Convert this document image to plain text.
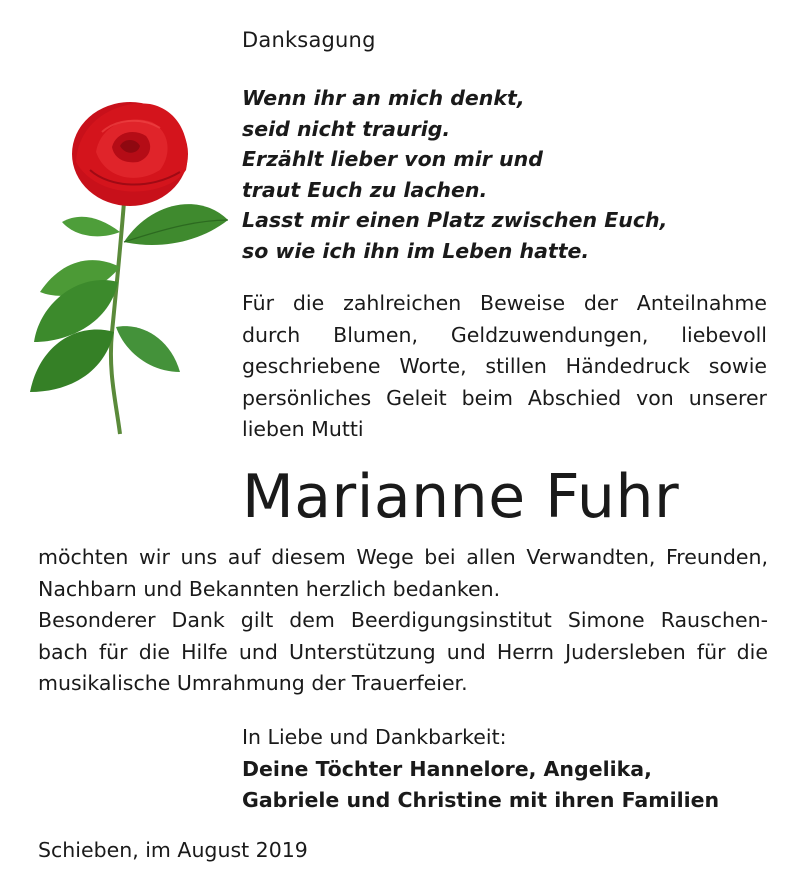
Danksagung
Wenn ihr an mich denkt,
seid nicht traurig.
Erzählt lieber von mir und
traut Euch zu lachen.
Lasst mir einen Platz zwischen Euch,
so wie ich ihn im Leben hatte.
Für die zahlreichen Beweise der Anteilnahme
durch Blumen, Geldzuwendungen, liebevoll
geschriebene Worte, stillen Händedruck sowie
persönliches Geleit beim Abschied von unserer
lieben Mutti
Marianne Fuhr
möchten wir uns auf diesem Wege bei allen Verwandten, Freunden,
Nachbarn und Bekannten herzlich bedanken.
Besonderer Dank gilt dem Beerdigungsinstitut Simone Rauschen-
bach für die Hilfe und Unterstützung und Herrn Judersleben für die
musikalische Umrahmung der Trauerfeier.
In Liebe und Dankbarkeit:
Deine Töchter Hannelore, Angelika,
Gabriele und Christine mit ihren Familien
Schieben, im August 2019
